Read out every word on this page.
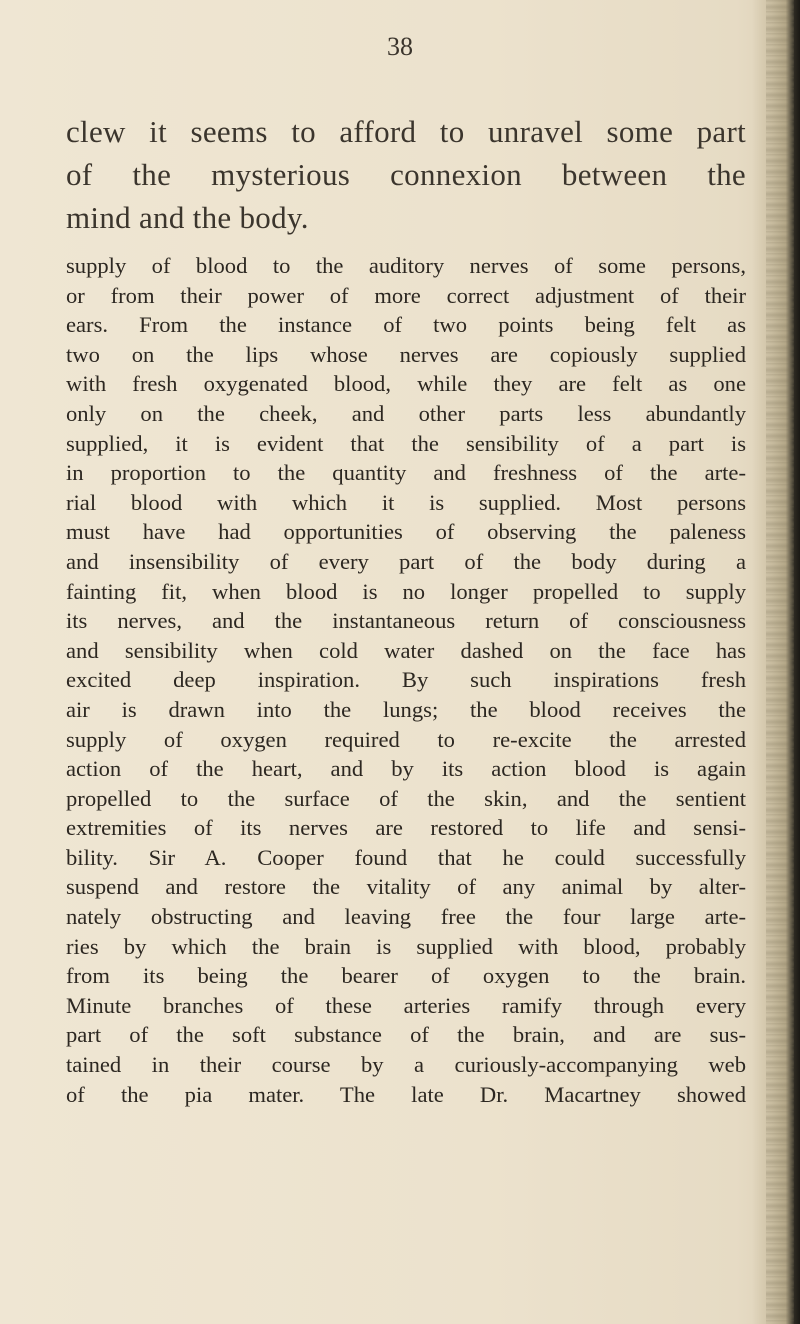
38
clew it seems to afford to unravel some part
of the mysterious connexion between the
mind and the body.
supply of blood to the auditory nerves of some persons,
or from their power of more correct adjustment of their
ears. From the instance of two points being felt as
two on the lips whose nerves are copiously supplied
with fresh oxygenated blood, while they are felt as one
only on the cheek, and other parts less abundantly
supplied, it is evident that the sensibility of a part is
in proportion to the quantity and freshness of the arte-
rial blood with which it is supplied. Most persons
must have had opportunities of observing the paleness
and insensibility of every part of the body during a
fainting fit, when blood is no longer propelled to supply
its nerves, and the instantaneous return of consciousness
and sensibility when cold water dashed on the face has
excited deep inspiration. By such inspirations fresh
air is drawn into the lungs; the blood receives the
supply of oxygen required to re-excite the arrested
action of the heart, and by its action blood is again
propelled to the surface of the skin, and the sentient
extremities of its nerves are restored to life and sensi-
bility. Sir A. Cooper found that he could successfully
suspend and restore the vitality of any animal by alter-
nately obstructing and leaving free the four large arte-
ries by which the brain is supplied with blood, probably
from its being the bearer of oxygen to the brain.
Minute branches of these arteries ramify through every
part of the soft substance of the brain, and are sus-
tained in their course by a curiously-accompanying web
of the pia mater. The late Dr. Macartney showed
